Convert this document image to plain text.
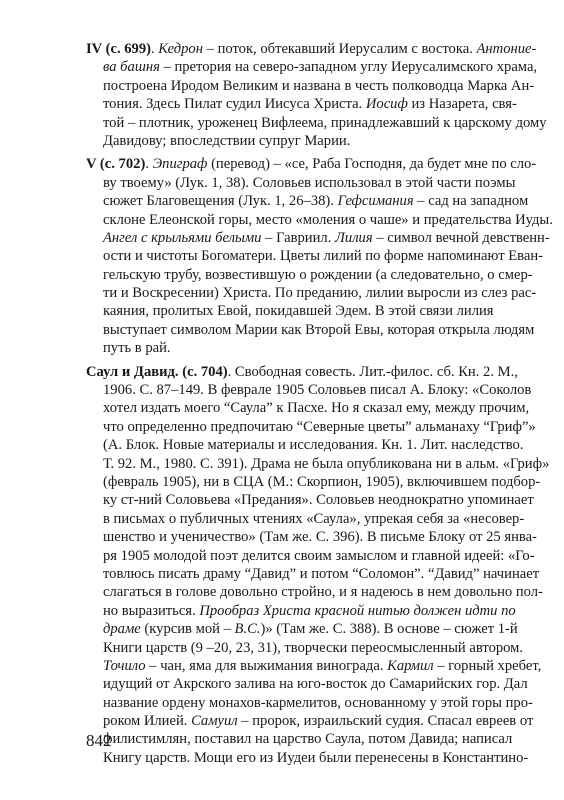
IV (с. 699). Кедрон – поток, обтекавший Иерусалим с востока. Антониe-
ва башня – претория на северо-западном углу Иерусалимского храма,
построена Иродом Великим и названа в честь полководца Марка Ан-
тония. Здесь Пилат судил Иисуса Христа. Иосиф из Назарета, свя-
той – плотник, уроженец Вифлеема, принадлежавший к царскому дому
Давидову; впоследствии супруг Марии.
V (с. 702). Эпиграф (перевод) – «се, Раба Господня, да будет мне по сло-
ву твоему» (Лук. 1, 38). Соловьев использовал в этой части поэмы
сюжет Благовещения (Лук. 1, 26–38). Гефсимания – сад на западном
склоне Елеонской горы, место «моления о чаше» и предательства Иуды.
Ангел с крыльями белыми – Гавриил. Лилия – символ вечной девственн-
ости и чистоты Богоматери. Цветы лилий по форме напоминают Еван-
гельскую трубу, возвестившую о рождении (а следовательно, о смер-
ти и Воскресении) Христа. По преданию, лилии выросли из слез рас-
каяния, пролитых Евой, покидавшей Эдем. В этой связи лилия
выступает символом Марии как Второй Евы, которая открыла людям
путь в рай.
Саул и Давид. (с. 704). Свободная совесть. Лит.-филос. сб. Кн. 2. М.,
1906. С. 87–149. В феврале 1905 Соловьев писал А. Блоку: «Соколов
хотел издать моего “Саула” к Пасхе. Но я сказал ему, между прочим,
что определенно предпочитаю “Северные цветы” альманаху “Гриф”»
(А. Блок. Новые материалы и исследования. Кн. 1. Лит. наследство.
Т. 92. М., 1980. С. 391). Драма не была опубликована ни в альм. «Гриф»
(февраль 1905), ни в СЦА (М.: Скорпион, 1905), включившем подбор-
ку ст-ний Соловьева «Предания». Соловьев неоднократно упоминает
в письмах о публичных чтениях «Саула», упрекая себя за «несовер-
шенство и ученичество» (Там же. С. 396). В письме Блоку от 25 янва-
ря 1905 молодой поэт делится своим замыслом и главной идеей: «Го-
товлюсь писать драму “Давид” и потом “Соломон”. “Давид” начинает
слагаться в голове довольно стройно, и я надеюсь в нем довольно пол-
но выразиться. Прообраз Христа красной нитью должен идти по
драме (курсив мой – В.С.)» (Там же. С. 388). В основе – сюжет 1-й
Книги царств (9 –20, 23, 31), творчески переосмысленный автором.
Точило – чан, яма для выжимания винограда. Кармил – горный хребет,
идущий от Акрского залива на юго-восток до Самарийских гор. Дал
название ордену монахов-кармелитов, основанному у этой горы про-
роком Илией. Самуил – пророк, израильский судия. Спасал евреев от
филистимлян, поставил на царство Саула, потом Давида; написал
Книгу царств. Мощи его из Иудеи были перенесены в Константино-
842
